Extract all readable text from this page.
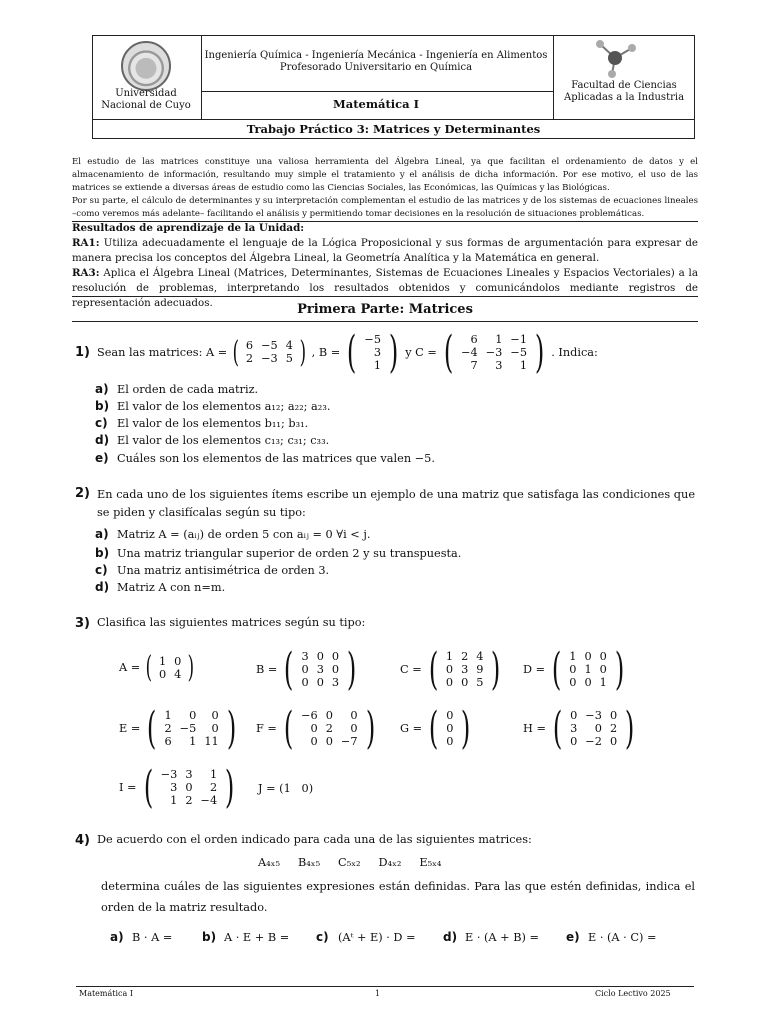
Universidad Nacional de Cuyo
Ingeniería Química - Ingeniería Mecánica - Ingeniería en Alimentos
Profesorado Universitario en Química
Matemática I
Facultad de Ciencias Aplicadas a la Industria
Trabajo Práctico 3: Matrices y Determinantes
El estudio de las matrices constituye una valiosa herramienta del Álgebra Lineal, ya que facilitan el ordenamiento de datos y el almacenamiento de información, resultando muy simple el tratamiento y el análisis de dicha información. Por ese motivo, el uso de las matrices se extiende a diversas áreas de estudio como las Ciencias Sociales, las Económicas, las Químicas y las Biológicas.
Por su parte, el cálculo de determinantes y su interpretación complementan el estudio de las matrices y de los sistemas de ecuaciones lineales –como veremos más adelante– facilitando el análisis y permitiendo tomar decisiones en la resolución de situaciones problemáticas.
Resultados de aprendizaje de la Unidad:
RA1: Utiliza adecuadamente el lenguaje de la Lógica Proposicional y sus formas de argumentación para expresar de manera precisa los conceptos del Álgebra Lineal, la Geometría Analítica y la Matemática en general.
RA3: Aplica el Álgebra Lineal (Matrices, Determinantes, Sistemas de Ecuaciones Lineales y Espacios Vectoriales) a la resolución de problemas, interpretando los resultados obtenidos y comunicándolos mediante registros de representación adecuados.	Primera Parte: Matrices
1) Sean las matrices: A = ( 6	−5	4
2	−3	5 ) , B = ( −5
3
1 ) y C = ( 6	1	−1
−4	−3	−5
7	3	1 ) . Indica:
a) El orden de cada matriz.
b) El valor de los elementos a₁₂; a₂₂; a₂₃.
c) El valor de los elementos b₁₁; b₃₁.
d) El valor de los elementos c₁₃; c₃₁; c₃₃.
e) Cuáles son los elementos de las matrices que valen −5.
2) En cada uno de los siguientes ítems escribe un ejemplo de una matriz que satisfaga las condiciones que se piden y clasifícalas según su tipo:
a) Matriz A = (aᵢⱼ) de orden 5 con aᵢⱼ = 0 ∀i < j.
b) Una matriz triangular superior de orden 2 y su transpuesta.
c) Una matriz antisimétrica de orden 3.
d) Matriz A con n=m.
3) Clasifica las siguientes matrices según su tipo:
A = ( 1	0
0	4 )	B = ( 3	0	0
0	3	0
0	0	3 )	C = ( 1	2	4
0	3	9
0	0	5 ) D = ( 1	0	0
0	1	0
0	0	1 )
E = ( 1	0	0
2	−5	0
6	1	11 ) F = ( −6	0	0
0	2	0
0	0	−7 ) G = ( 0
0
0 )	H = ( 0	−3	0
3	0	2
0	−2	0 )
I = ( −3	3	1
3	0	2
1	2	−4 ) J = (1   0)
4) De acuerdo con el orden indicado para cada una de las siguientes matrices:
A₄ₓ₅     B₄ₓ₅     C₅ₓ₂     D₄ₓ₂     E₅ₓ₄
determina cuáles de las siguientes expresiones están definidas. Para las que estén definidas, indica el orden de la matriz resultado.
a) B · A = b) A · E + B = c) (Aᵗ + E) · D = d) E · (A + B) = e) E · (A · C) =
Matemática I	1	Ciclo Lectivo 2025
